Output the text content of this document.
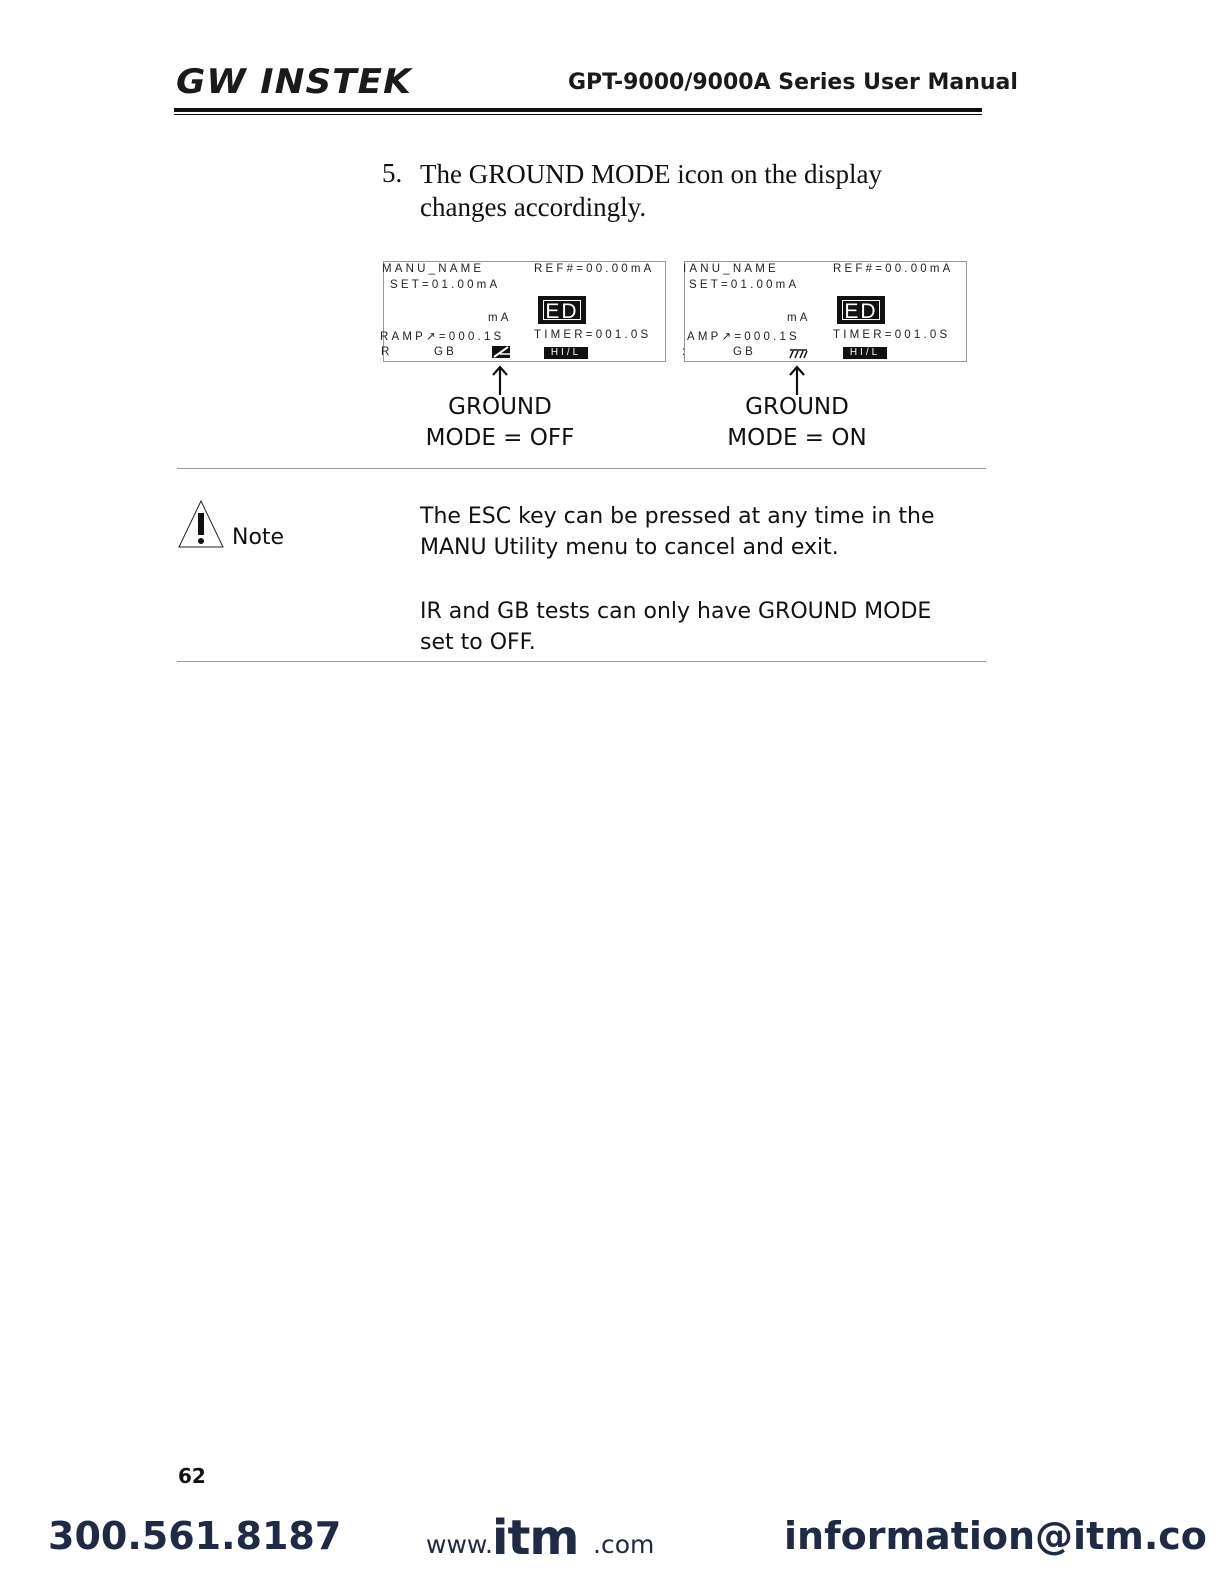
GW INSTEK	GPT-9000/9000A Series User Manual
5. The GROUND MODE icon on the display changes accordingly.
MANU_NAME	REF#=00.00mA
SET=01.00mA
mA ED
RAMP↗=000.1S	TIMER=001.0S
R	GB	HI/L
IANU_NAME	REF#=00.00mA
SET=01.00mA
mA ED
AMP↗=000.1S	TIMER=001.0S
:	GB	HI/L
GROUND
MODE = OFF
GROUND
MODE = ON
Note
The ESC key can be pressed at any time in the
MANU Utility menu to cancel and exit.
IR and GB tests can only have GROUND MODE
set to OFF.
62
300.561.8187	www. itm .com	information@itm.co
